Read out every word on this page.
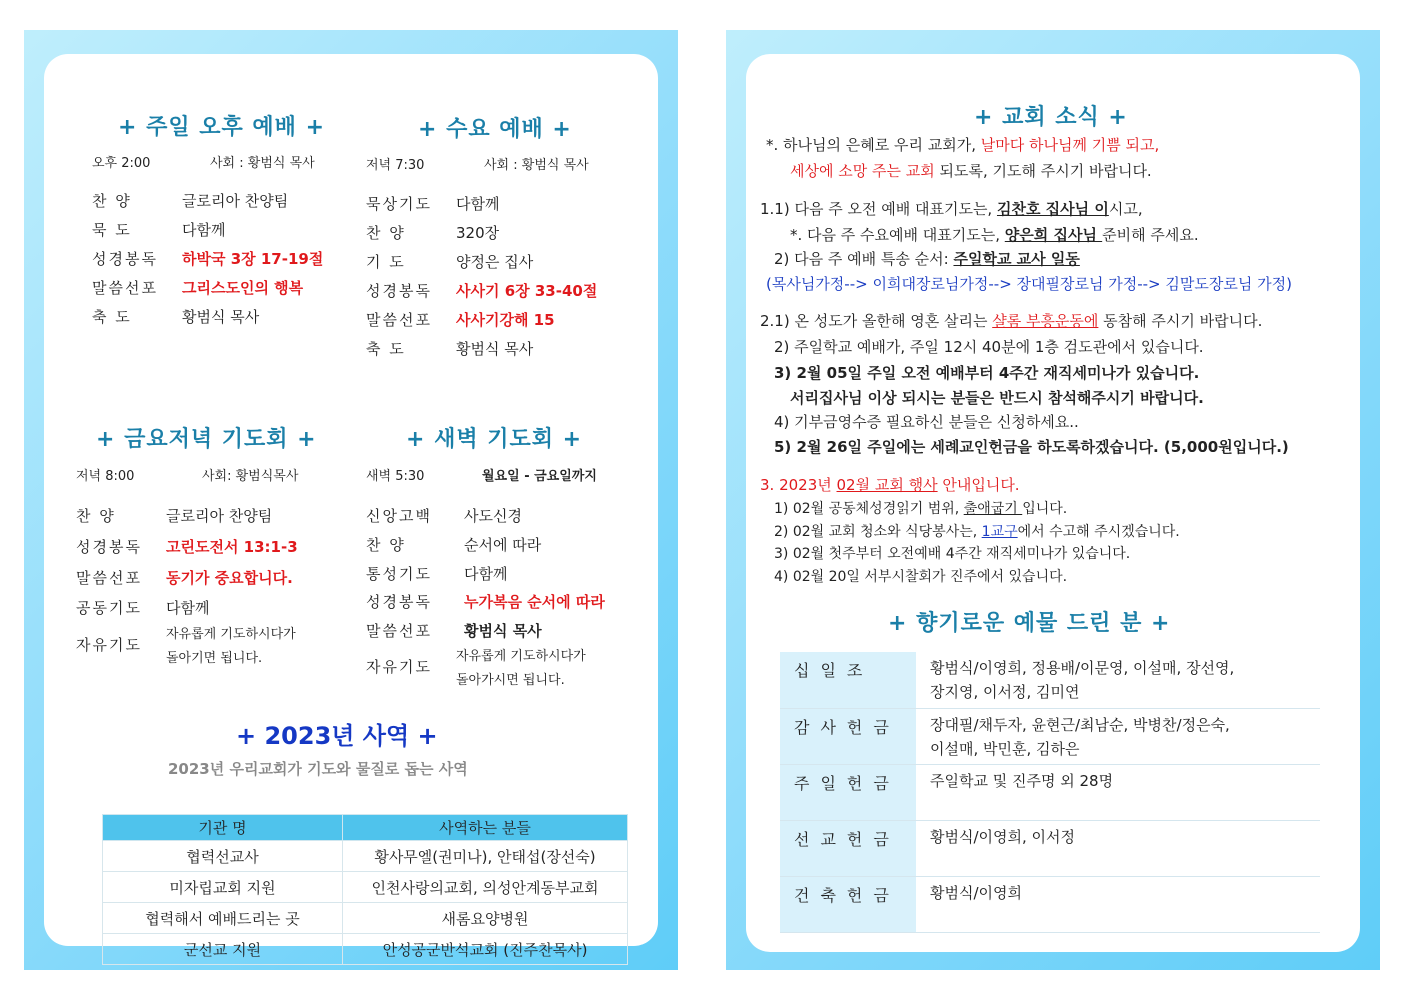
+ 주일 오후 예배 +
오후 2:00	사회 : 황범식 목사
찬 양	글로리아 찬양팀
묵 도	다함께
성경봉독 하박국 3장 17-19절
말씀선포 그리스도인의 행복
축 도	황범식 목사
+ 수요 예배 +
저녁 7:30	사회 : 황범식 목사
묵상기도 다함께
찬 양	320장
기 도	양정은 집사
성경봉독 사사기 6장 33-40절
말씀선포 사사기강해 15
축 도	황범식 목사
+ 금요저녁 기도회 +
저녁 8:00	사회: 황범식목사
찬 양	글로리아 찬양팀
성경봉독 고린도전서 13:1-3
말씀선포 동기가 중요합니다.
공동기도 다함께
자유기도
자유롭게 기도하시다가
돌아기면 됩니다.
+ 새벽 기도회 +
새벽 5:30	월요일 - 금요일까지
신앙고백 사도신경
찬 양	순서에 따라
통성기도 다함께
성경봉독 누가복음 순서에 따라
말씀선포 황범식 목사
자유기도
자유롭게 기도하시다가
돌아가시면 됩니다.
+ 2023년 사역 +
2023년 우리교회가 기도와 물질로 돕는 사역
기관 명	사역하는 분들
협력선교사	황사무엘(권미나), 안태섭(장선숙)
미자립교회 지원	인천사랑의교회, 의성안계동부교회
협력해서 예배드리는 곳	새롬요양병원
군선교 지원	안성공군반석교회 (진주찬목사)
+ 교회 소식 +
*. 하나님의 은혜로 우리 교회가, 날마다 하나님께 기쁨 되고,
세상에 소망 주는 교회 되도록, 기도해 주시기 바랍니다.
1.1) 다음 주 오전 예배 대표기도는, 김찬호 집사님 이시고,
*. 다음 주 수요예배 대표기도는, 양은희 집사님 준비해 주세요.
2) 다음 주 예배 특송 순서: 주일학교 교사 일동
(목사님가정--> 이희대장로님가정--> 장대필장로님 가정--> 김말도장로님 가정)
2.1) 온 성도가 올한해 영혼 살리는 샬롬 부흥운동에 동참해 주시기 바랍니다.
2) 주일학교 예배가, 주일 12시 40분에 1층 검도관에서 있습니다.
3) 2월 05일 주일 오전 예배부터 4주간 재직세미나가 있습니다.
서리집사님 이상 되시는 분들은 반드시 참석해주시기 바랍니다.
4) 기부금영수증 필요하신 분들은 신청하세요..
5) 2월 26일 주일에는 세례교인헌금을 하도록하겠습니다. (5,000원입니다.)
3. 2023년 02월 교회 행사 안내입니다.
1) 02월 공동체성경읽기 범위, 출애굽기 입니다.
2) 02월 교회 청소와 식당봉사는, 1교구에서 수고해 주시겠습니다.
3) 02월 첫주부터 오전예배 4주간 재직세미나가 있습니다.
4) 02월 20일 서부시찰회가 진주에서 있습니다.
+ 향기로운 예물 드린 분 +
십일조	황범식/이영희, 정용배/이문영, 이설매, 장선영,
장지영, 이서정, 김미연

감사헌금	장대필/채두자, 윤현근/최남순, 박병찬/정은숙,
이설매, 박민훈, 김하은

주일헌금	주일학교 및 진주명 외 28명

선교헌금	황범식/이영희, 이서정

건축헌금	황범식/이영희
